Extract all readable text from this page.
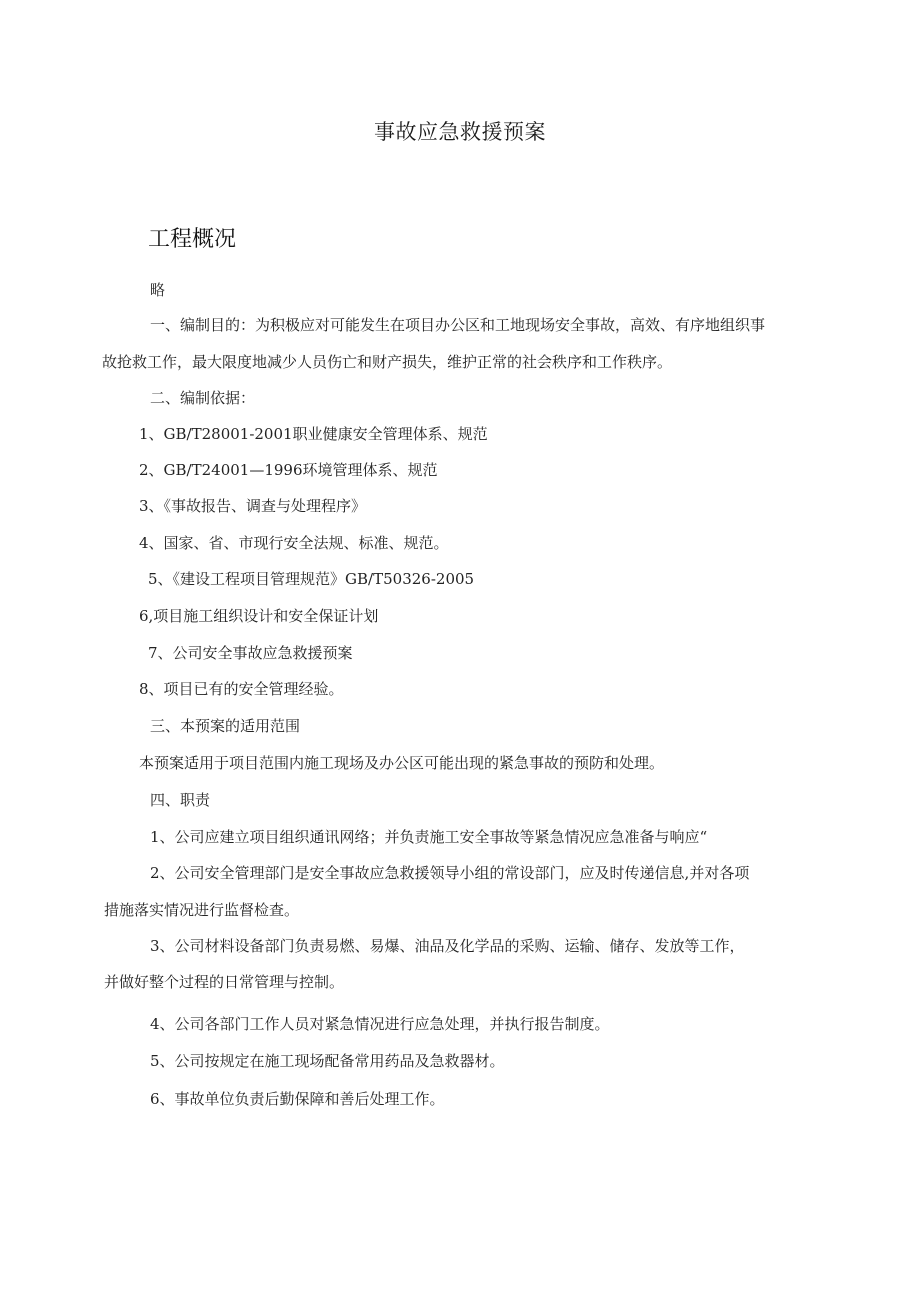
事故应急救援预案
工程概况

略

一、编制目的：为积极应对可能发生在项目办公区和工地现场安全事故，高效、有序地组织事

故抢救工作，最大限度地减少人员伤亡和财产损失，维护正常的社会秩序和工作秩序。

二、编制依据：

1、GB/T28001-2001职业健康安全管理体系、规范

2、GB/T24001—1996环境管理体系、规范

3、《事故报告、调查与处理程序》

4、国家、省、市现行安全法规、标准、规范。

5、《建设工程项目管理规范》GB/T50326-2005

6,项目施工组织设计和安全保证计划

7、公司安全事故应急救援预案

8、项目已有的安全管理经验。

三、本预案的适用范围

本预案适用于项目范围内施工现场及办公区可能出现的紧急事故的预防和处理。

四、职责

1、公司应建立项目组织通讯网络；并负责施工安全事故等紧急情况应急准备与响应“

2、公司安全管理部门是安全事故应急救援领导小组的常设部门，应及时传递信息,并对各项

措施落实情况进行监督检查。

3、公司材料设备部门负责易燃、易爆、油品及化学品的采购、运输、储存、发放等工作，

并做好整个过程的日常管理与控制。

4、公司各部门工作人员对紧急情况进行应急处理，并执行报告制度。

5、公司按规定在施工现场配备常用药品及急救器材。

6、事故单位负责后勤保障和善后处理工作。
